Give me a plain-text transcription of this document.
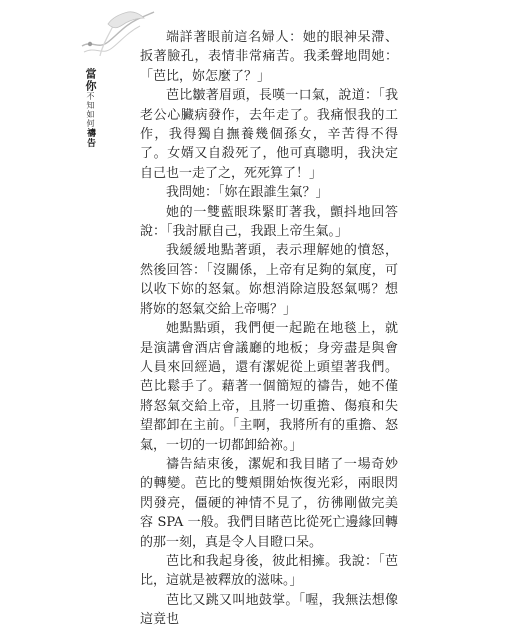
當你
不知如何
禱告

端詳著眼前這名婦人：她的眼神呆滯、扳著臉孔，表情非常痛苦。我柔聲地問她：「芭比，妳怎麼了？」

芭比皺著眉頭，長嘆一口氣，說道：「我老公心臟病發作，去年走了。我痛恨我的工作，我得獨自撫養幾個孫女，辛苦得不得了。女婿又自殺死了，他可真聰明，我決定自己也一走了之，死死算了！」

我問她：「妳在跟誰生氣？」

她的一雙藍眼珠緊盯著我，顫抖地回答說：「我討厭自己，我跟上帝生氣。」

我緩緩地點著頭，表示理解她的憤怒，然後回答：「沒關係，上帝有足夠的氣度，可以收下妳的怒氣。妳想消除這股怒氣嗎？想將妳的怒氣交給上帝嗎？」

她點點頭，我們便一起跪在地毯上，就是演講會酒店會議廳的地板；身旁盡是與會人員來回經過，還有潔妮從上頭望著我們。芭比鬆手了。藉著一個簡短的禱告，她不僅將怒氣交給上帝，且將一切重擔、傷痕和失望都卸在主前。「主啊，我將所有的重擔、怒氣，一切的一切都卸給祢。」

禱告結束後，潔妮和我目睹了一場奇妙的轉變。芭比的雙頰開始恢復光彩，兩眼閃閃發亮，僵硬的神情不見了，彷彿剛做完美容 SPA 一般。我們目睹芭比從死亡邊緣回轉的那一刻，真是令人目瞪口呆。

芭比和我起身後，彼此相擁。我說：「芭比，這就是被釋放的滋味。」

芭比又跳又叫地鼓掌。「喔，我無法想像這竟也
